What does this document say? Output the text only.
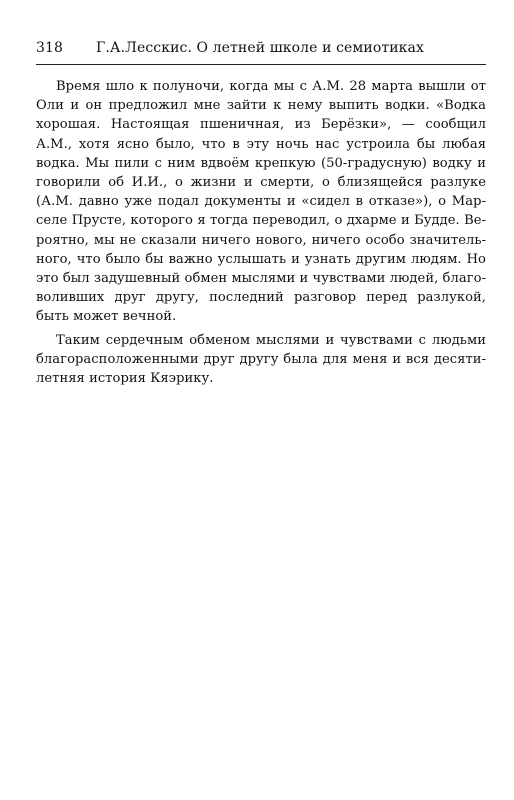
318	Г.А.Лесскис. О летней школе и семиотиках

Время шло к полуночи, когда мы с А.М. 28 марта вышли от Оли и он предложил мне зайти к нему выпить водки. «Водка хорошая. Настоящая пшеничная, из Берёзки», — сообщил А.М., хотя ясно было, что в эту ночь нас устроила бы любая водка. Мы пили с ним вдвоём крепкую (50-градусную) водку и говорили об И.И., о жизни и смерти, о близящейся разлуке (А.М. давно уже подал документы и «сидел в отказе»), о Марселе Прусте, которого я тогда переводил, о дхарме и Будде. Вероятно, мы не сказали ничего нового, ничего особо значительного, что было бы важно услышать и узнать другим людям. Но это был задушевный обмен мыслями и чувствами людей, благоволивших друг другу, последний разговор перед разлукой, быть может вечной.

Таким сердечным обменом мыслями и чувствами с людьми благорасположенными друг другу была для меня и вся десятилетняя история Кяэрику.
